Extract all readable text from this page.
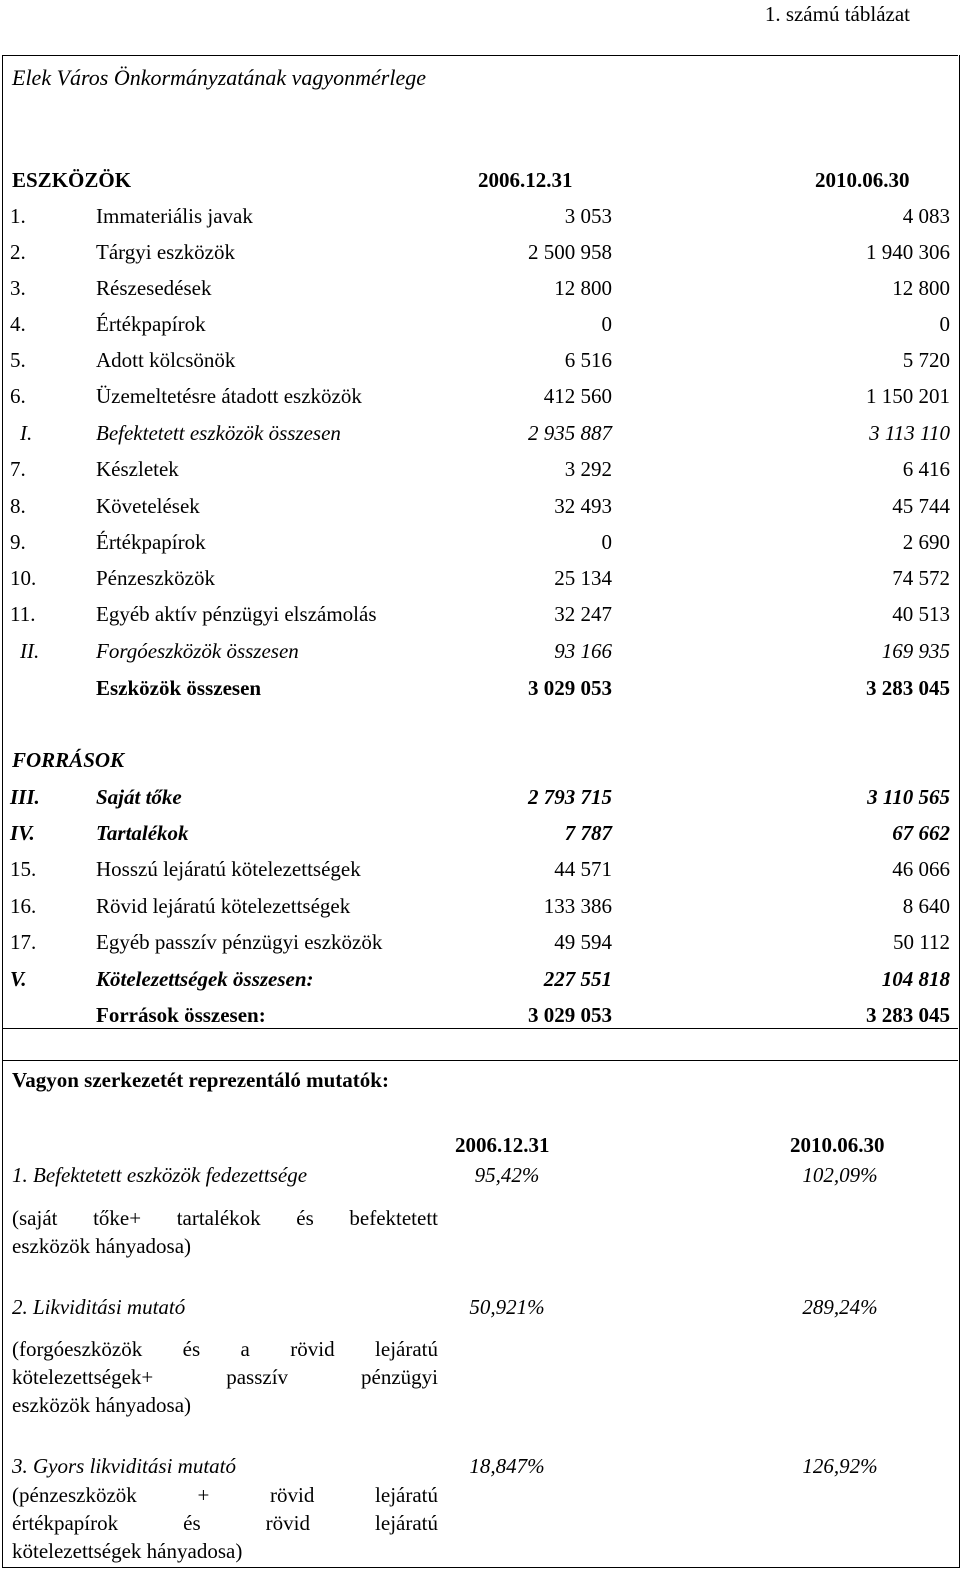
1. számú táblázat
Elek Város Önkormányzatának vagyonmérlege
ESZKÖZÖK	2006.12.31	2010.06.30
1.	Immateriális javak	3 053	4 083
2.	Tárgyi eszközök	2 500 958	1 940 306
3.	Részesedések	12 800	12 800
4.	Értékpapírok	0	0
5.	Adott kölcsönök	6 516	5 720
6.	Üzemeltetésre átadott eszközök	412 560	1 150 201
I.	Befektetett eszközök összesen	2 935 887	3 113 110
7.	Készletek	3 292	6 416
8.	Követelések	32 493	45 744
9.	Értékpapírok	0	2 690
10.	Pénzeszközök	25 134	74 572
11.	Egyéb aktív pénzügyi elszámolás	32 247	40 513
II.	Forgóeszközök összesen	93 166	169 935
Eszközök összesen	3 029 053	3 283 045
FORRÁSOK
III.	Saját tőke	2 793 715	3 110 565
IV.	Tartalékok	7 787	67 662
15.	Hosszú lejáratú kötelezettségek	44 571	46 066
16.	Rövid lejáratú kötelezettségek	133 386	8 640
17.	Egyéb passzív pénzügyi eszközök	49 594	50 112
V.	Kötelezettségek összesen:	227 551	104 818
Források összesen:	3 029 053	3 283 045
Vagyon szerkezetét reprezentáló mutatók:
2006.12.31	2010.06.30
1. Befektetett eszközök fedezettsége	95,42%	102,09%
(saját tőke+ tartalékok és befektetett
eszközök hányadosa)
2. Likviditási mutató	50,921%	289,24%
(forgóeszközök és a rövid lejáratú
kötelezettségek+ passzív pénzügyi
eszközök hányadosa)
3. Gyors likviditási mutató	18,847%	126,92%
(pénzeszközök + rövid lejáratú
értékpapírok és rövid lejáratú
kötelezettségek hányadosa)
